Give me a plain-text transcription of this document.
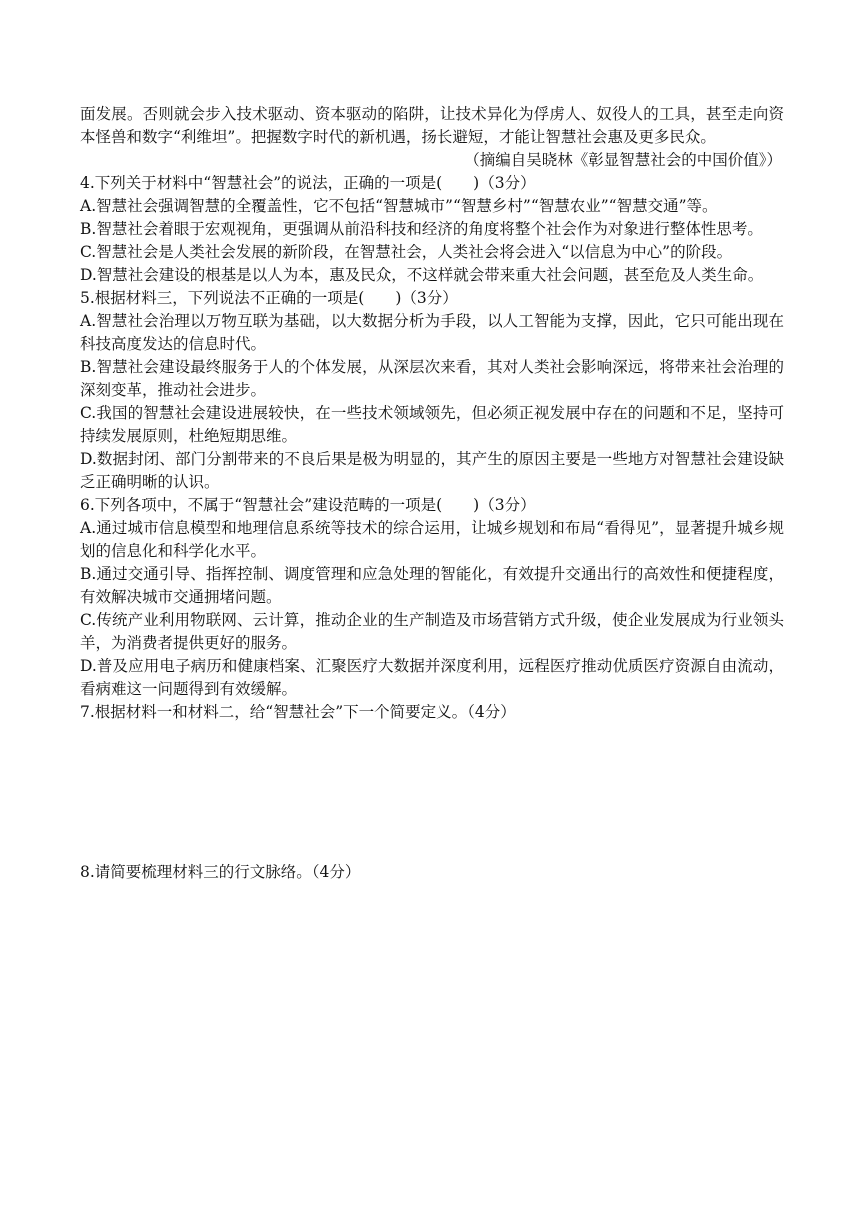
面发展。否则就会步入技术驱动、资本驱动的陷阱，让技术异化为俘虏人、奴役人的工具，甚至走向资本怪兽和数字“利维坦”。把握数字时代的新机遇，扬长避短，才能让智慧社会惠及更多民众。

（摘编自吴晓林《彰显智慧社会的中国价值》）

4.下列关于材料中“智慧社会”的说法，正确的一项是(　　)（3分）

A.智慧社会强调智慧的全覆盖性，它不包括“智慧城市”“智慧乡村”“智慧农业”“智慧交通”等。

B.智慧社会着眼于宏观视角，更强调从前沿科技和经济的角度将整个社会作为对象进行整体性思考。

C.智慧社会是人类社会发展的新阶段，在智慧社会，人类社会将会进入“以信息为中心”的阶段。

D.智慧社会建设的根基是以人为本，惠及民众，不这样就会带来重大社会问题，甚至危及人类生命。

5.根据材料三，下列说法不正确的一项是(　　)（3分）

A.智慧社会治理以万物互联为基础，以大数据分析为手段，以人工智能为支撑，因此，它只可能出现在科技高度发达的信息时代。

B.智慧社会建设最终服务于人的个体发展，从深层次来看，其对人类社会影响深远，将带来社会治理的深刻变革，推动社会进步。

C.我国的智慧社会建设进展较快，在一些技术领域领先，但必须正视发展中存在的问题和不足，坚持可持续发展原则，杜绝短期思维。

D.数据封闭、部门分割带来的不良后果是极为明显的，其产生的原因主要是一些地方对智慧社会建设缺乏正确明晰的认识。

6.下列各项中，不属于“智慧社会”建设范畴的一项是(　　)（3分）

A.通过城市信息模型和地理信息系统等技术的综合运用，让城乡规划和布局“看得见”，显著提升城乡规划的信息化和科学化水平。

B.通过交通引导、指挥控制、调度管理和应急处理的智能化，有效提升交通出行的高效性和便捷程度，有效解决城市交通拥堵问题。

C.传统产业利用物联网、云计算，推动企业的生产制造及市场营销方式升级，使企业发展成为行业领头羊，为消费者提供更好的服务。

D.普及应用电子病历和健康档案、汇聚医疗大数据并深度利用，远程医疗推动优质医疗资源自由流动，看病难这一问题得到有效缓解。

7.根据材料一和材料二，给“智慧社会”下一个简要定义。（4分）

8.请简要梳理材料三的行文脉络。（4分）
